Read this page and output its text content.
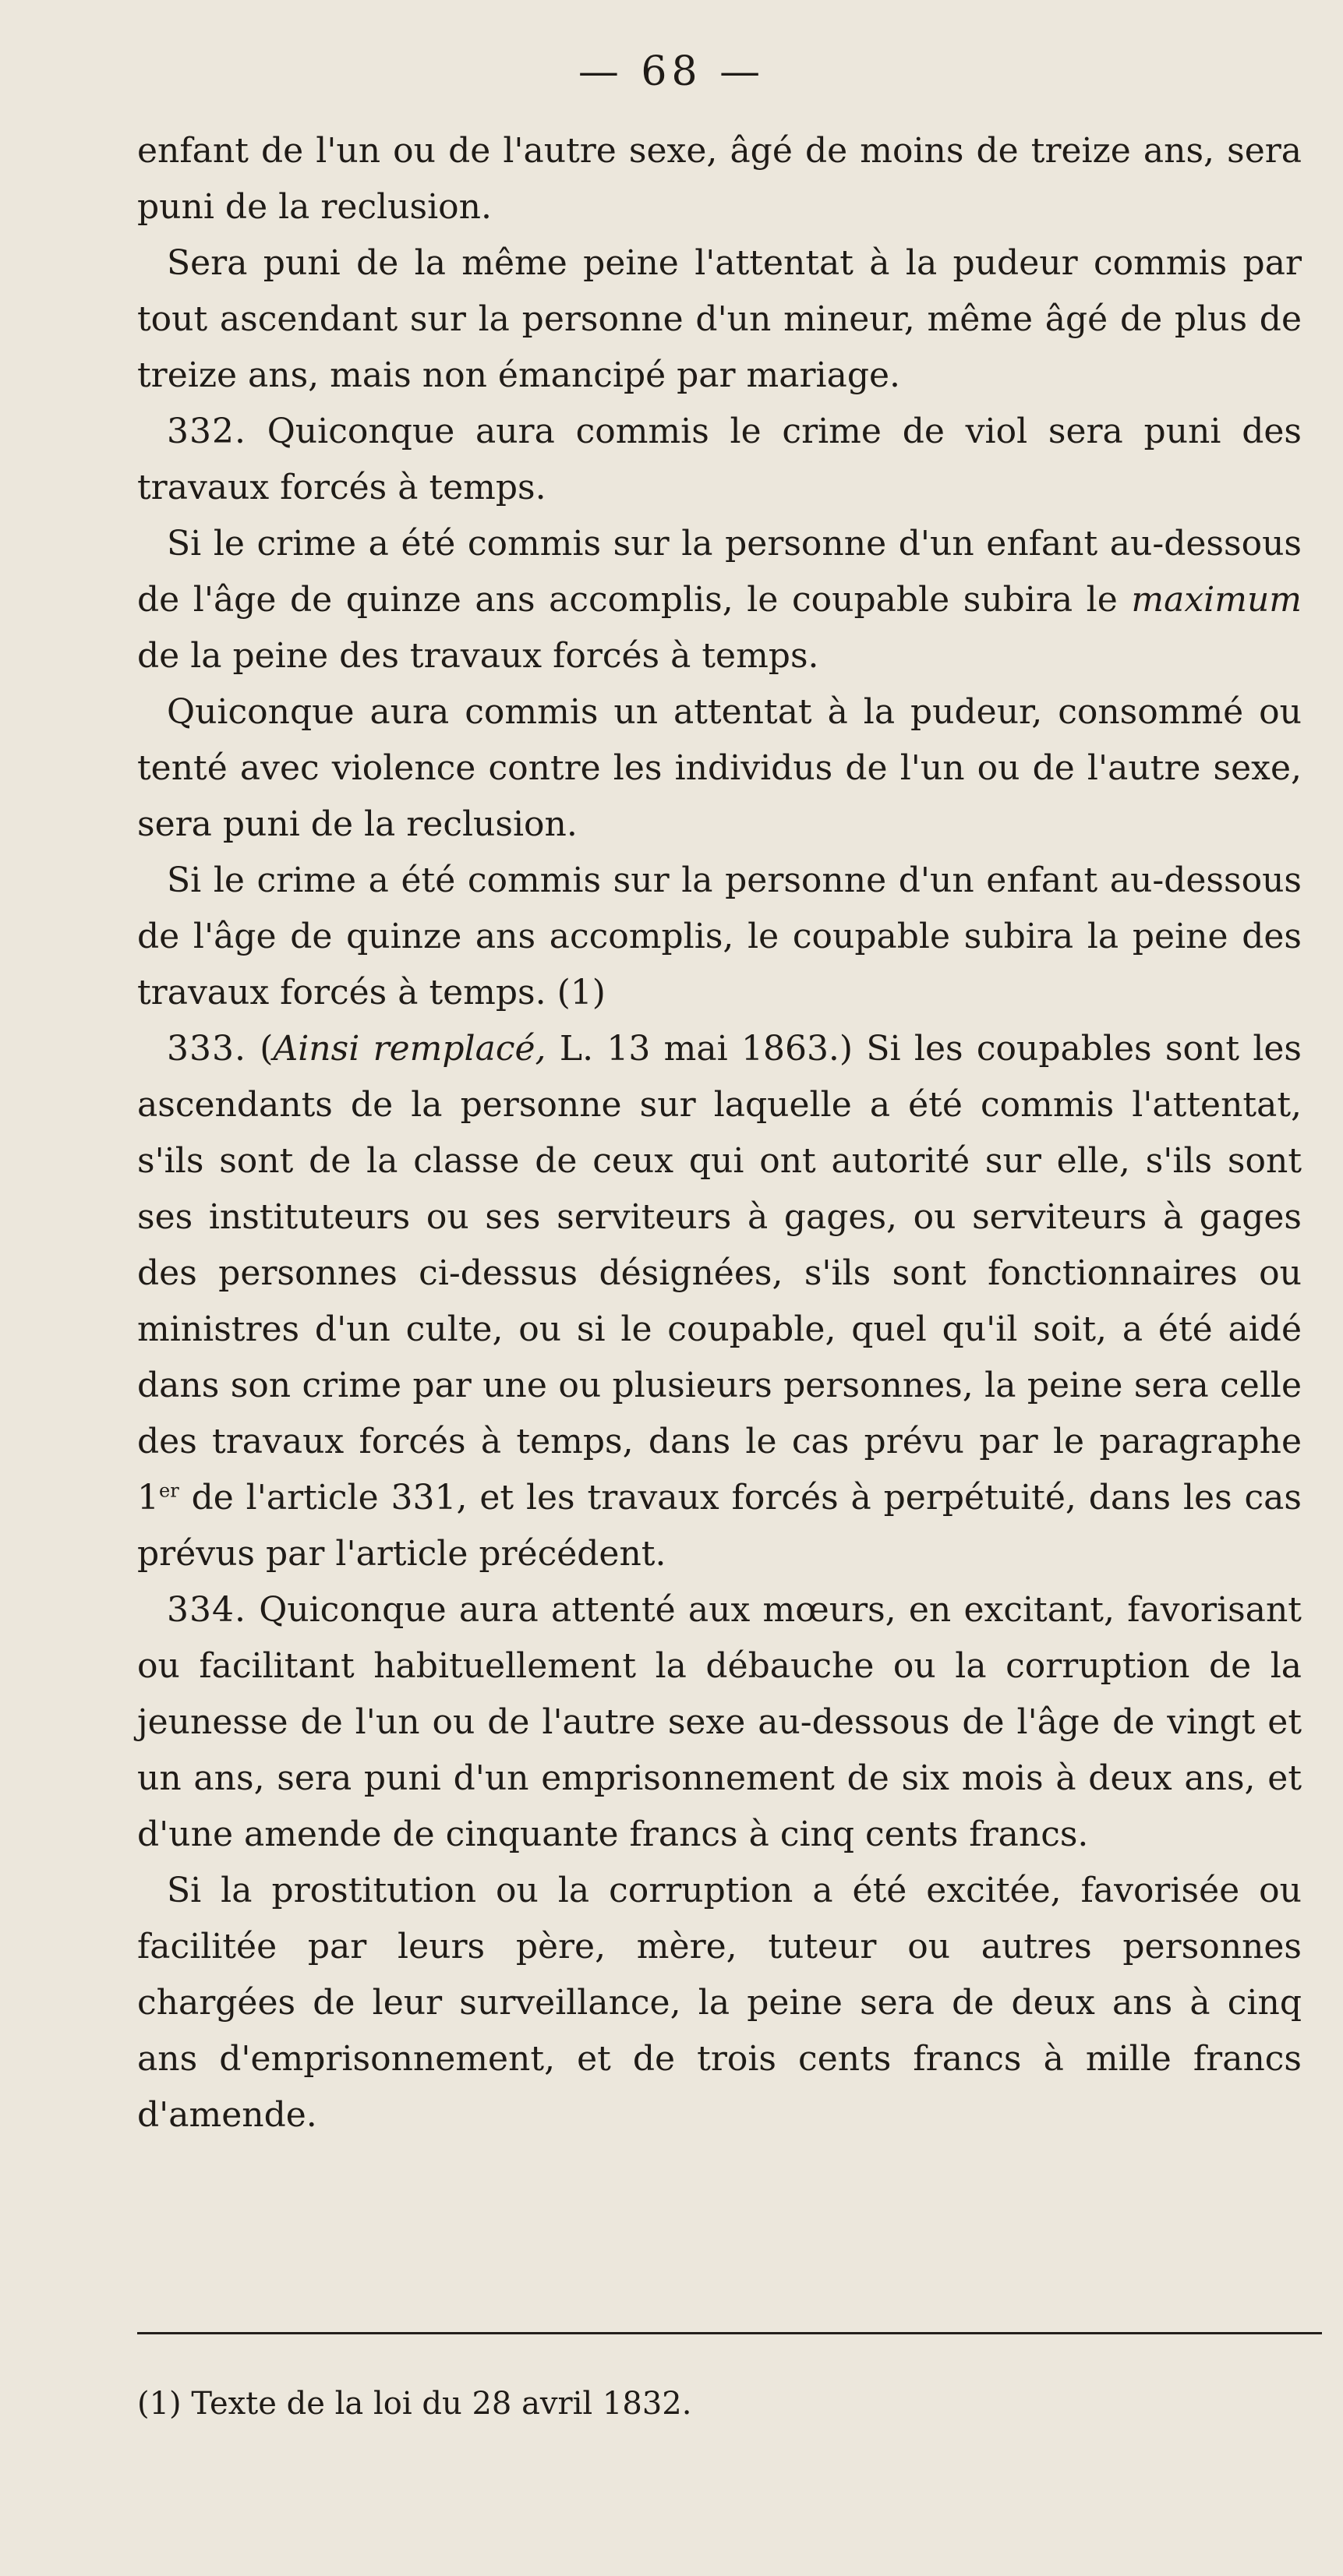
— 68 —

enfant de l'un ou de l'autre sexe, âgé de moins de treize ans, sera puni de la reclusion.

Sera puni de la même peine l'attentat à la pudeur commis par tout ascendant sur la personne d'un mineur, même âgé de plus de treize ans, mais non émancipé par mariage.

332. Quiconque aura commis le crime de viol sera puni des travaux forcés à temps.

Si le crime a été commis sur la personne d'un enfant au-dessous de l'âge de quinze ans accomplis, le coupable subira le maximum de la peine des travaux forcés à temps.

Quiconque aura commis un attentat à la pudeur, consommé ou tenté avec violence contre les individus de l'un ou de l'autre sexe, sera puni de la reclusion.

Si le crime a été commis sur la personne d'un enfant au-dessous de l'âge de quinze ans accomplis, le coupable subira la peine des travaux forcés à temps. (1)

333. (Ainsi remplacé, L. 13 mai 1863.) Si les coupables sont les ascendants de la personne sur laquelle a été commis l'attentat, s'ils sont de la classe de ceux qui ont autorité sur elle, s'ils sont ses instituteurs ou ses serviteurs à gages, ou serviteurs à gages des personnes ci-dessus désignées, s'ils sont fonctionnaires ou ministres d'un culte, ou si le coupable, quel qu'il soit, a été aidé dans son crime par une ou plusieurs personnes, la peine sera celle des travaux forcés à temps, dans le cas prévu par le paragraphe 1er de l'article 331, et les travaux forcés à perpétuité, dans les cas prévus par l'article précédent.

334. Quiconque aura attenté aux mœurs, en excitant, favorisant ou facilitant habituellement la débauche ou la corruption de la jeunesse de l'un ou de l'autre sexe au-dessous de l'âge de vingt et un ans, sera puni d'un emprisonnement de six mois à deux ans, et d'une amende de cinquante francs à cinq cents francs.

Si la prostitution ou la corruption a été excitée, favorisée ou facilitée par leurs père, mère, tuteur ou autres personnes chargées de leur surveillance, la peine sera de deux ans à cinq ans d'emprisonnement, et de trois cents francs à mille francs d'amende.

(1) Texte de la loi du 28 avril 1832.
